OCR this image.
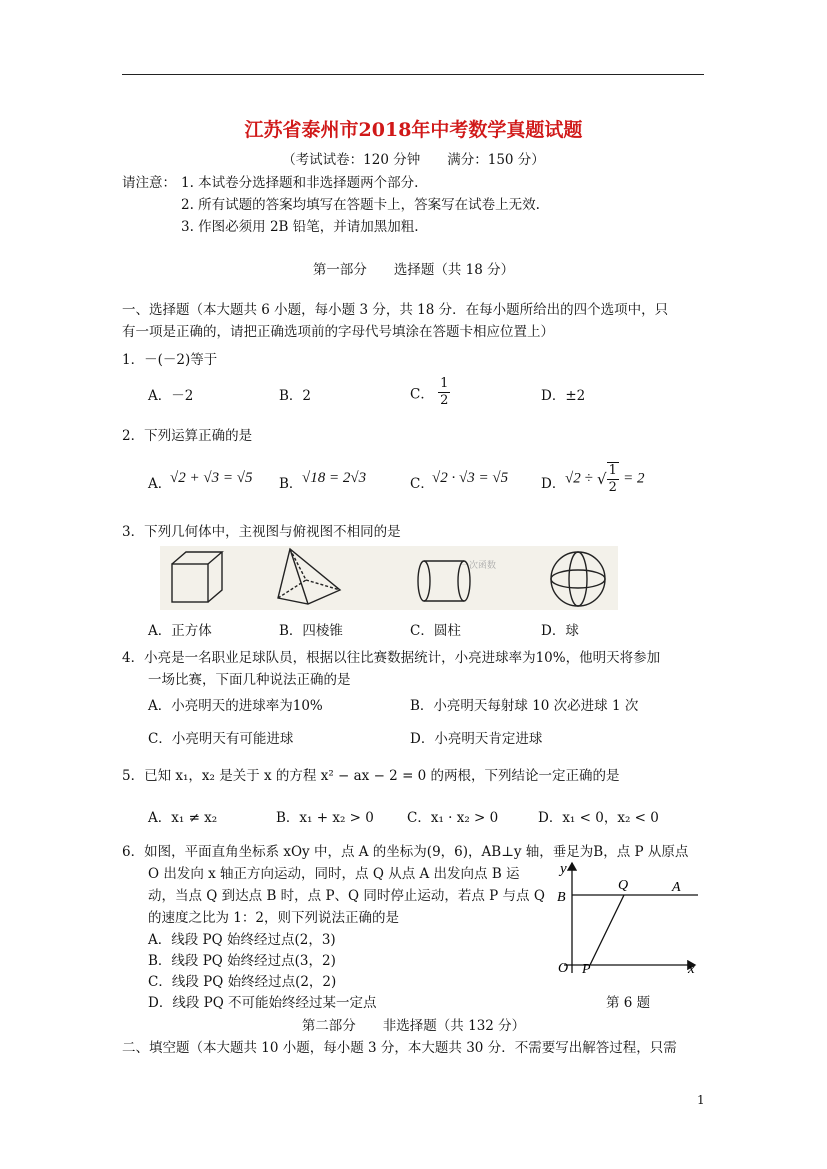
江苏省泰州市2018年中考数学真题试题
（考试试卷：120 分钟　　满分：150 分）
请注意： 1. 本试卷分选择题和非选择题两个部分.
2. 所有试题的答案均填写在答题卡上，答案写在试卷上无效.
3. 作图必须用 2B 铅笔，并请加黑加粗.
第一部分　　选择题（共 18 分）
一、选择题（本大题共 6 小题，每小题 3 分，共 18 分．在每小题所给出的四个选项中，只
有一项是正确的，请把正确选项前的字母代号填涂在答题卡相应位置上）
1．－(－2)等于
A．－2	B．2	C． $\frac{1}{2}$	D．±2
2．下列运算正确的是
A．
√2 + √3 = √5 B． √18 = 2√3	C．
√2 · √3 = √5 D． √2 ÷ √ $\frac{1}{2} = 2$
3．下列几何体中，主视图与俯视图不相同的是
一次函数
A．正方体	B．四棱锥	C．圆柱	D．球
4．小亮是一名职业足球队员，根据以往比赛数据统计，小亮进球率为10%，他明天将参加
一场比赛，下面几种说法正确的是
A．小亮明天的进球率为10%	B．小亮明天每射球 10 次必进球 1 次
C．小亮明天有可能进球	D．小亮明天肯定进球
5．已知 x₁，x₂ 是关于 x 的方程 x² − ax − 2 = 0 的两根，下列结论一定正确的是
A．x₁ ≠ x₂	B．x₁ + x₂ > 0 C．x₁ · x₂ > 0	D．x₁ < 0，x₂ < 0
6．如图，平面直角坐标系 xOy 中，点 A 的坐标为(9，6)，AB⊥y 轴，垂足为B，点 P 从原点
O 出发向 x 轴正方向运动，同时，点 Q 从点 A 出发向点 B 运
动，当点 Q 到达点 B 时，点 P、Q 同时停止运动，若点 P 与点 Q
的速度之比为 1：2，则下列说法正确的是
A．线段 PQ 始终经过点(2，3)
B．线段 PQ 始终经过点(3，2)
C．线段 PQ 始终经过点(2，2)
D．线段 PQ 不可能始终经过某一定点
y
x
O P
B
Q	A
第 6 题
第二部分　　非选择题（共 132 分）
二、填空题（本大题共 10 小题，每小题 3 分，本大题共 30 分．不需要写出解答过程，只需
1
